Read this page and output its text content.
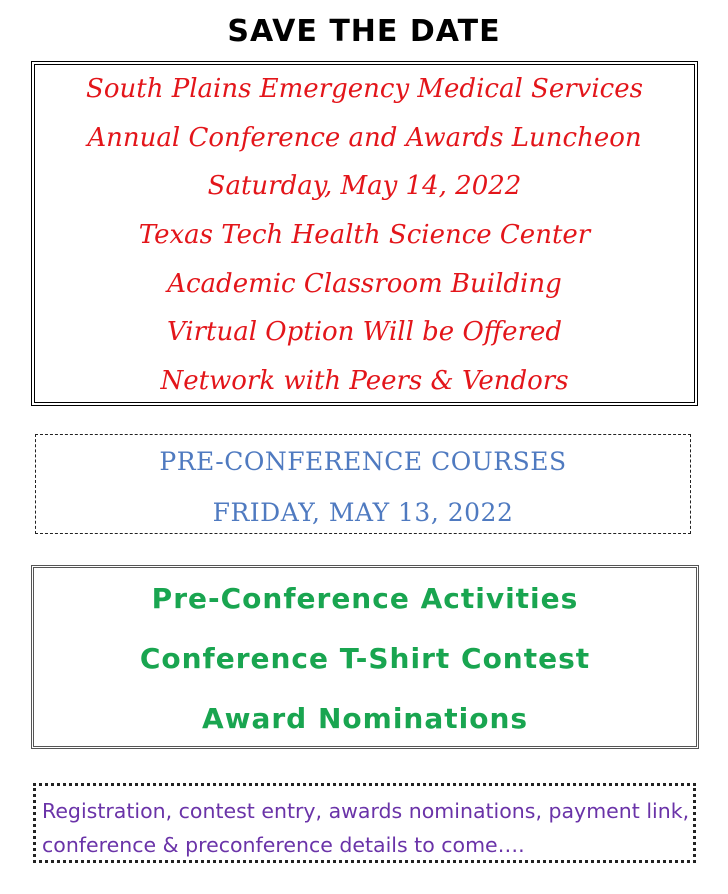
SAVE THE DATE
South Plains Emergency Medical Services
Annual Conference and Awards Luncheon
Saturday, May 14, 2022
Texas Tech Health Science Center
Academic Classroom Building
Virtual Option Will be Offered
Network with Peers & Vendors
PRE-CONFERENCE COURSES
FRIDAY, MAY 13, 2022
Pre-Conference Activities
Conference T-Shirt Contest
Award Nominations
Registration, contest entry, awards nominations, payment link, conference & preconference details to come….
